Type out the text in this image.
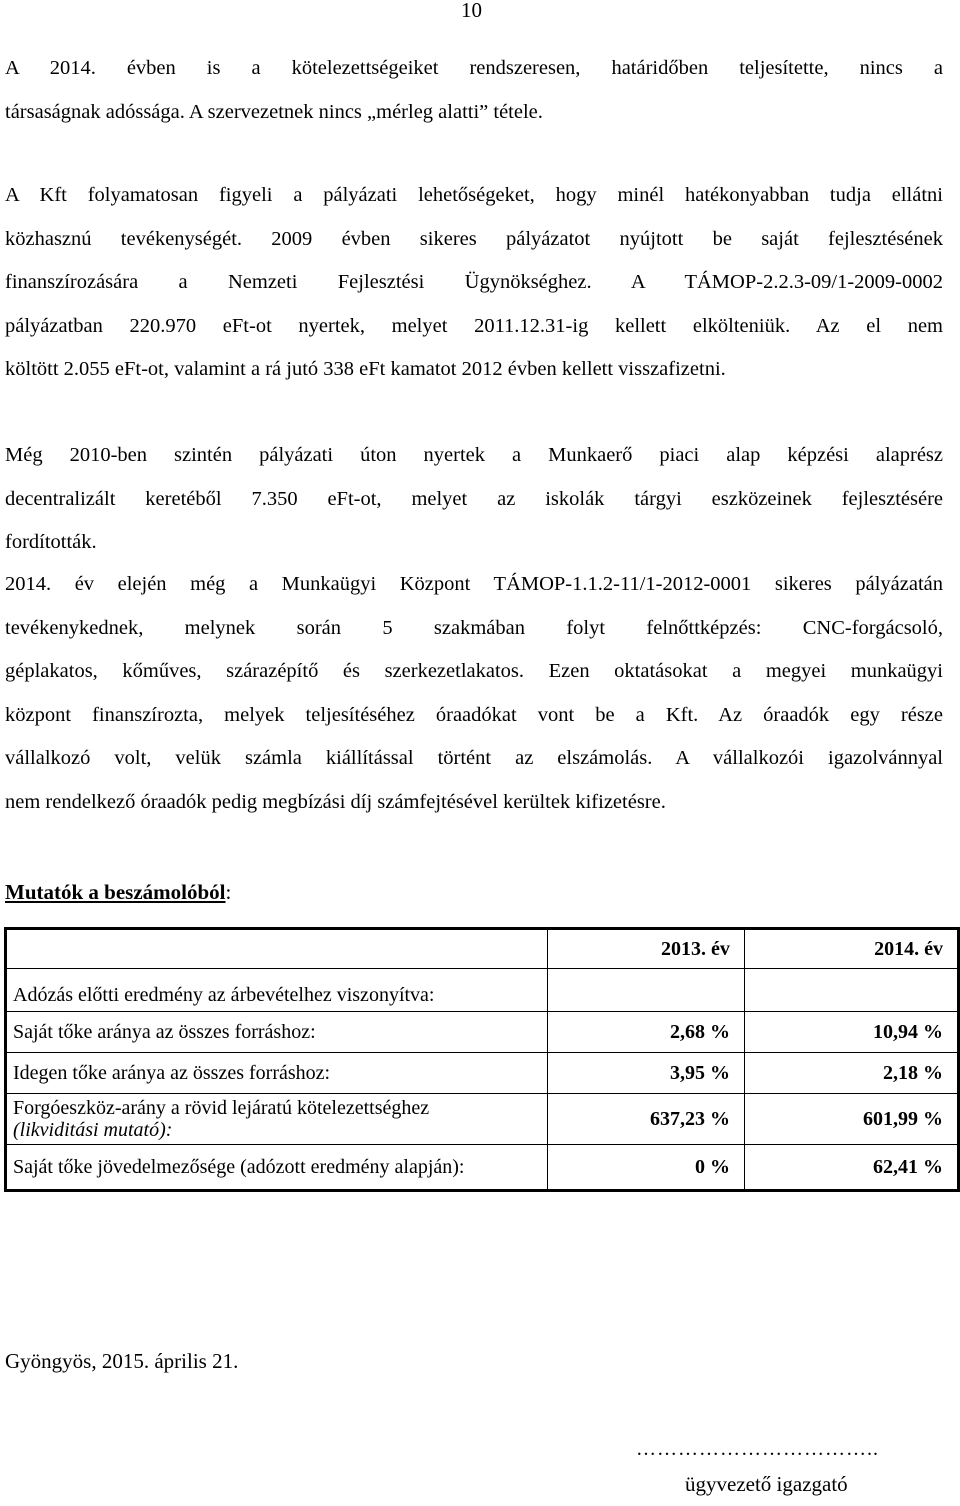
10
A 2014. évben is a kötelezettségeiket rendszeresen, határidőben teljesítette, nincs a
társaságnak adóssága. A szervezetnek nincs „mérleg alatti” tétele.
A Kft folyamatosan figyeli a pályázati lehetőségeket, hogy minél hatékonyabban tudja ellátni
közhasznú tevékenységét. 2009 évben sikeres pályázatot nyújtott be saját fejlesztésének
finanszírozására a Nemzeti Fejlesztési Ügynökséghez. A TÁMOP-2.2.3-09/1-2009-0002
pályázatban 220.970 eFt-ot nyertek, melyet 2011.12.31-ig kellett elkölteniük. Az el nem
költött 2.055 eFt-ot, valamint a rá jutó 338 eFt kamatot 2012 évben kellett visszafizetni.
Még 2010-ben szintén pályázati úton nyertek a Munkaerő piaci alap képzési alaprész
decentralizált keretéből 7.350 eFt-ot, melyet az iskolák tárgyi eszközeinek fejlesztésére
fordították.
2014. év elején még a Munkaügyi Központ TÁMOP-1.1.2-11/1-2012-0001 sikeres pályázatán
tevékenykednek, melynek során 5 szakmában folyt felnőttképzés: CNC-forgácsoló,
géplakatos, kőműves, szárazépítő és szerkezetlakatos. Ezen oktatásokat a megyei munkaügyi
központ finanszírozta, melyek teljesítéséhez óraadókat vont be a Kft. Az óraadók egy része
vállalkozó volt, velük számla kiállítással történt az elszámolás. A vállalkozói igazolvánnyal
nem rendelkező óraadók pedig megbízási díj számfejtésével kerültek kifizetésre.
Mutatók a beszámolóból:
	2013. év	2014. év
Adózás előtti eredmény az árbevételhez viszonyítva:		
Saját tőke aránya az összes forráshoz:	2,68 %	10,94 %
Idegen tőke aránya az összes forráshoz:	3,95 %	2,18 %

Forgóeszköz-arány a rövid lejáratú kötelezettséghez
(likviditási mutató):	637,23 %	601,99 %
Saját tőke jövedelmezősége (adózott eredmény alapján):	0 %	62,41 %
Gyöngyös, 2015. április 21.
……………………………..
ügyvezető igazgató
